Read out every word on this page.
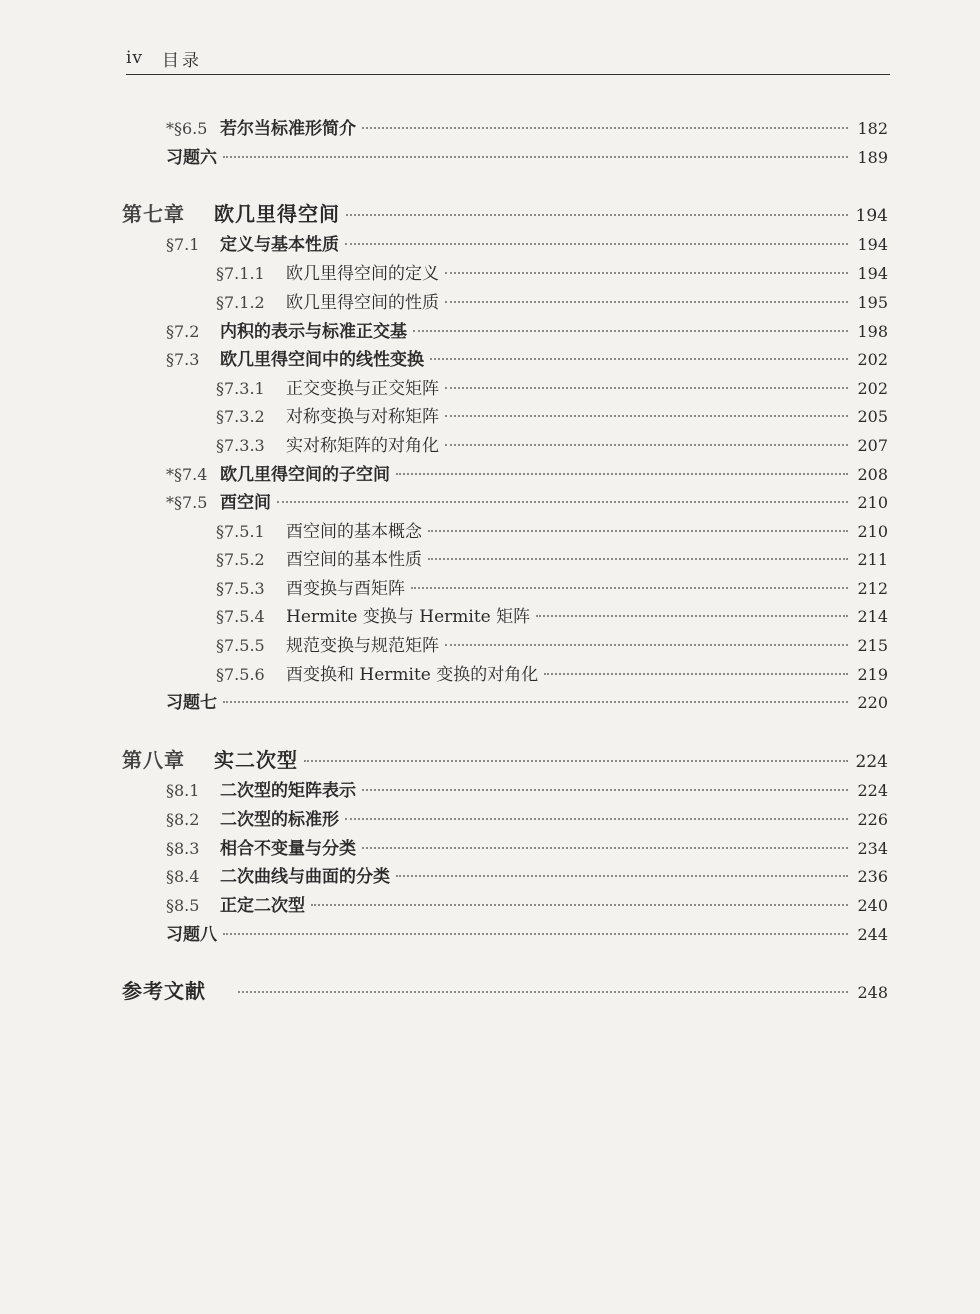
iv 目录
*§6.5 若尔当标准形简介	182
习题六	189
第七章	欧几里得空间	194
§7.1	定义与基本性质	194
§7.1.1	欧几里得空间的定义	194
§7.1.2	欧几里得空间的性质	195
§7.2	内积的表示与标准正交基	198
§7.3	欧几里得空间中的线性变换	202
§7.3.1	正交变换与正交矩阵	202
§7.3.2	对称变换与对称矩阵	205
§7.3.3	实对称矩阵的对角化	207
*§7.4 欧几里得空间的子空间	208
*§7.5 酉空间	210
§7.5.1	酉空间的基本概念	210
§7.5.2	酉空间的基本性质	211
§7.5.3	酉变换与酉矩阵	212
§7.5.4	Hermite 变换与 Hermite 矩阵	214
§7.5.5	规范变换与规范矩阵	215
§7.5.6	酉变换和 Hermite 变换的对角化	219
习题七	220
第八章	实二次型	224
§8.1	二次型的矩阵表示	224
§8.2	二次型的标准形	226
§8.3	相合不变量与分类	234
§8.4	二次曲线与曲面的分类	236
§8.5	正定二次型	240
习题八	244
参考文献	248
